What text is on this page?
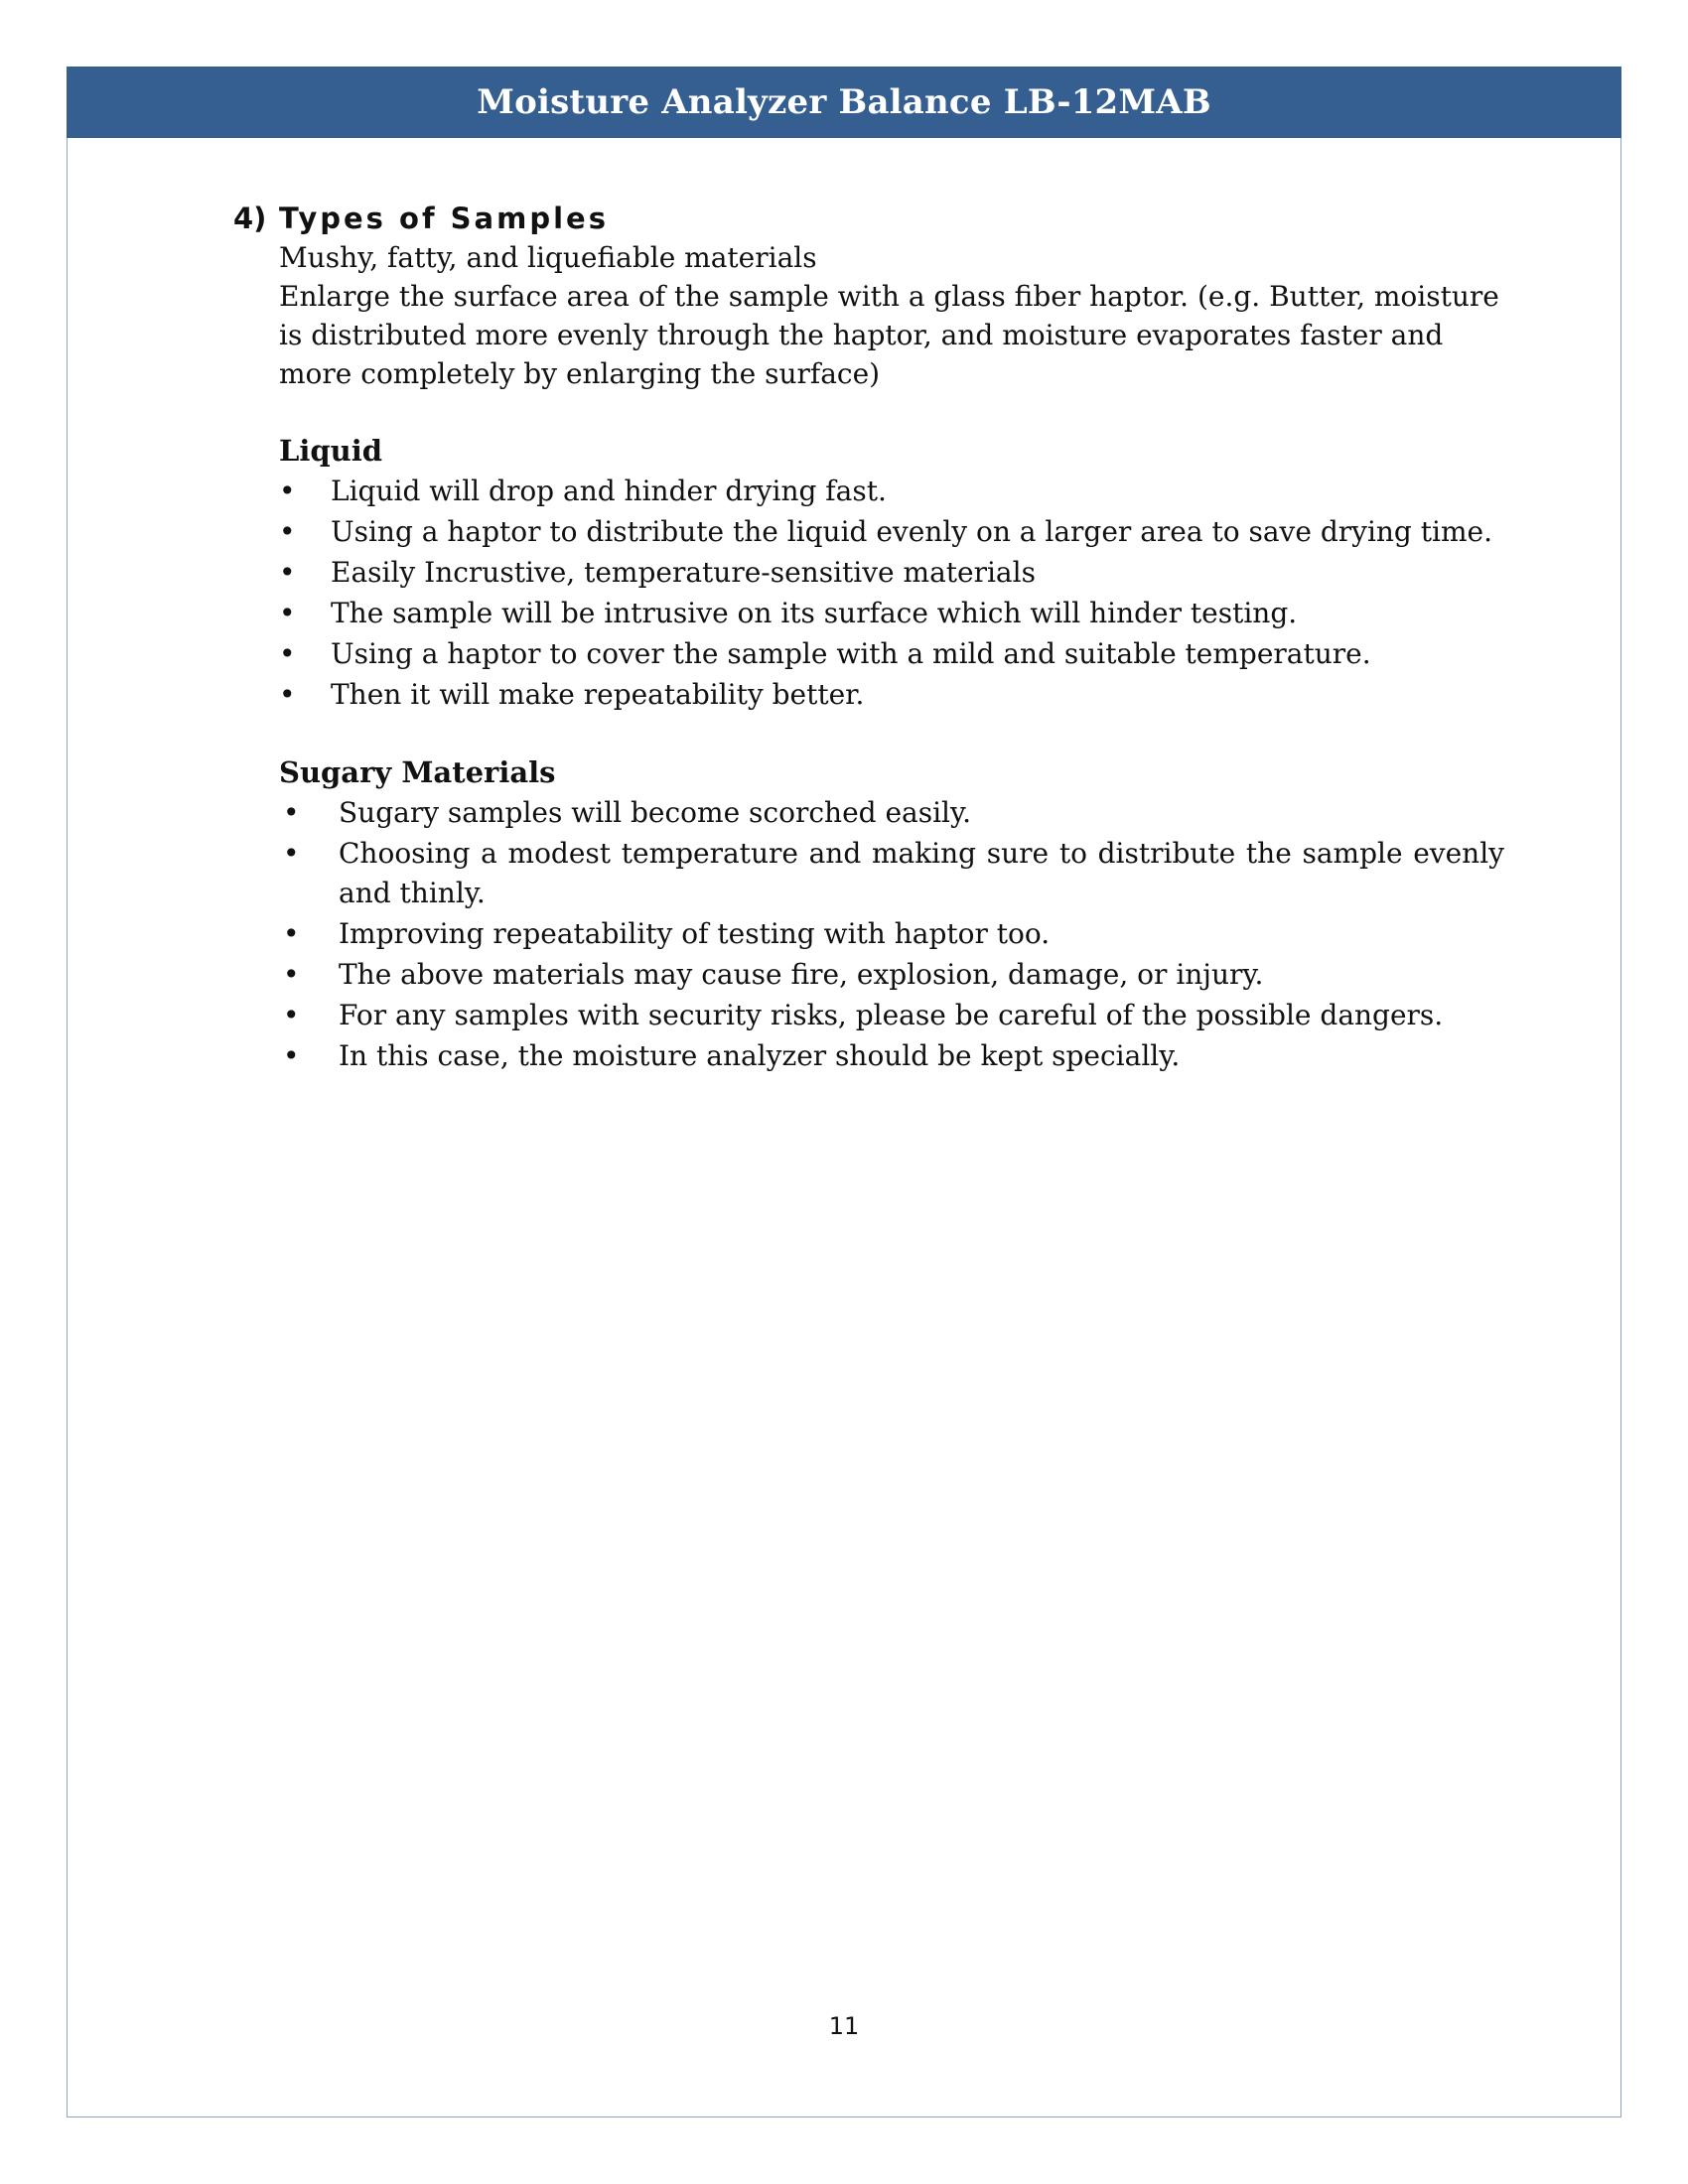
Moisture Analyzer Balance LB-12MAB
4) Types of Samples
Mushy, fatty, and liquefiable materials
Enlarge the surface area of the sample with a glass fiber haptor. (e.g. Butter, moisture is distributed more evenly through the haptor, and moisture evaporates faster and more completely by enlarging the surface)
Liquid
• Liquid will drop and hinder drying fast.
• Using a haptor to distribute the liquid evenly on a larger area to save drying time.
• Easily Incrustive, temperature-sensitive materials
• The sample will be intrusive on its surface which will hinder testing.
• Using a haptor to cover the sample with a mild and suitable temperature.
• Then it will make repeatability better.
Sugary Materials
• Sugary samples will become scorched easily.
• Choosing a modest temperature and making sure to distribute the sample evenly and thinly.
• Improving repeatability of testing with haptor too.
• The above materials may cause fire, explosion, damage, or injury.
• For any samples with security risks, please be careful of the possible dangers.
• In this case, the moisture analyzer should be kept specially.
11
